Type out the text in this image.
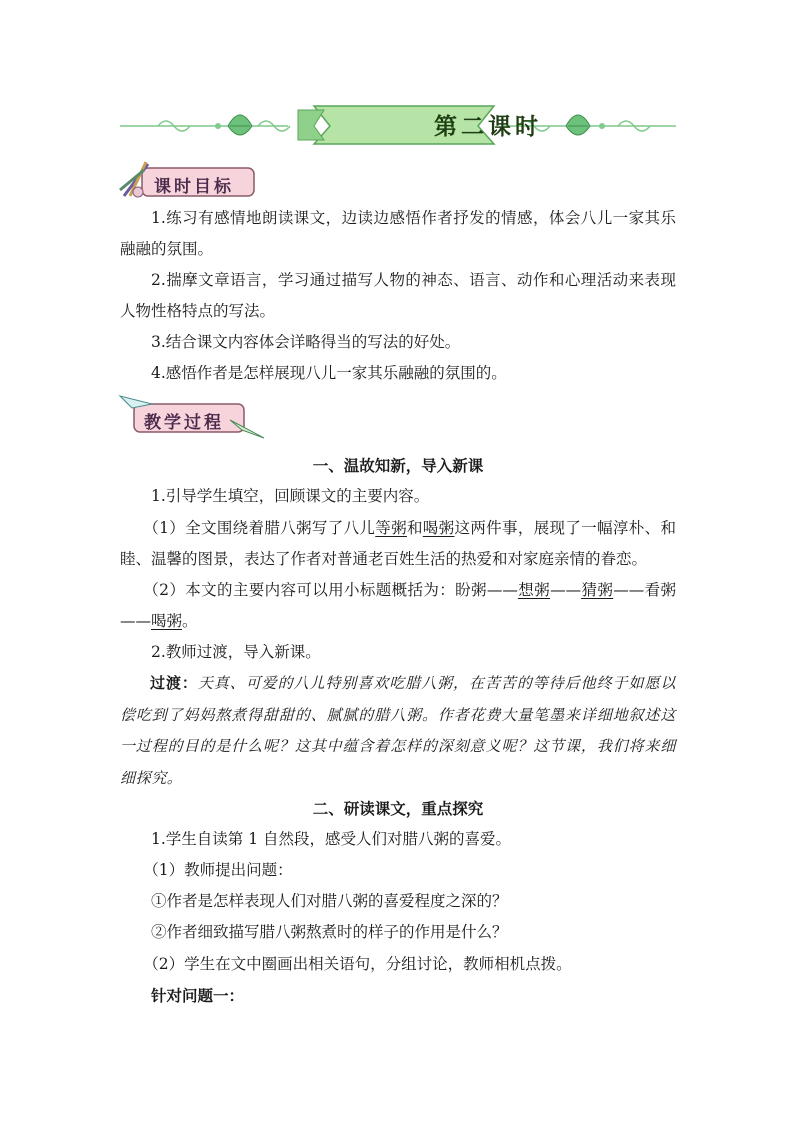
第二课时
课时目标

1.练习有感情地朗读课文，边读边感悟作者抒发的情感，体会八儿一家其乐融融的氛围。

2.揣摩文章语言，学习通过描写人物的神态、语言、动作和心理活动来表现人物性格特点的写法。

3.结合课文内容体会详略得当的写法的好处。

4.感悟作者是怎样展现八儿一家其乐融融的氛围的。

教学过程

一、温故知新，导入新课

1.引导学生填空，回顾课文的主要内容。

（1）全文围绕着腊八粥写了八儿等粥和喝粥这两件事，展现了一幅淳朴、和睦、温馨的图景，表达了作者对普通老百姓生活的热爱和对家庭亲情的眷恋。

（2）本文的主要内容可以用小标题概括为：盼粥——想粥——猜粥——看粥——喝粥。

2.教师过渡，导入新课。

过渡：天真、可爱的八儿特别喜欢吃腊八粥，在苦苦的等待后他终于如愿以偿吃到了妈妈熬煮得甜甜的、腻腻的腊八粥。作者花费大量笔墨来详细地叙述这一过程的目的是什么呢？这其中蕴含着怎样的深刻意义呢？这节课，我们将来细细探究。

二、研读课文，重点探究

1.学生自读第 1 自然段，感受人们对腊八粥的喜爱。

（1）教师提出问题：

①作者是怎样表现人们对腊八粥的喜爱程度之深的？

②作者细致描写腊八粥熬煮时的样子的作用是什么？

（2）学生在文中圈画出相关语句，分组讨论，教师相机点拨。

针对问题一：
